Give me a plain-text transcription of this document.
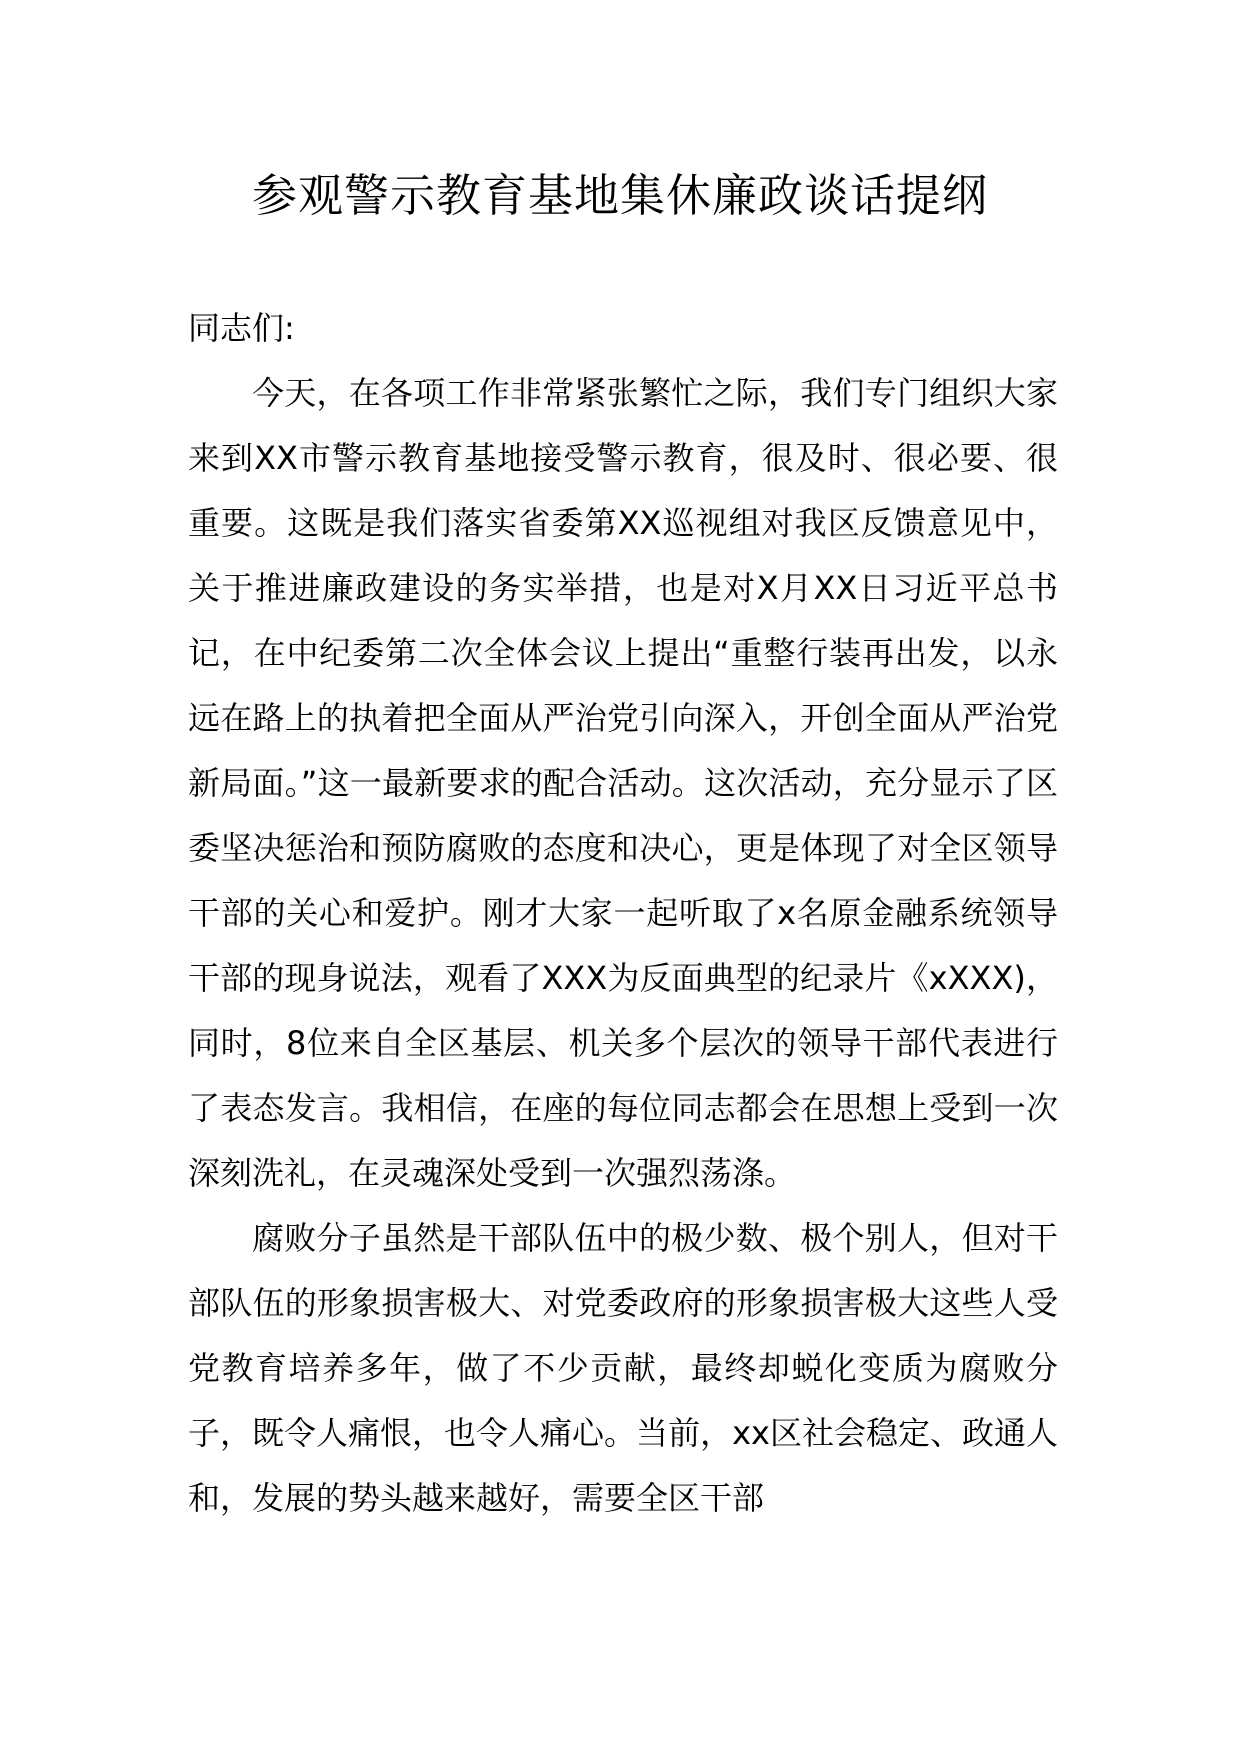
参观警示教育基地集休廉政谈话提纲

同志们:

今天，在各项工作非常紧张繁忙之际，我们专门组织大家来到XX市警示教育基地接受警示教育，很及时、很必要、很重要。这既是我们落实省委第XX巡视组对我区反馈意见中，关于推进廉政建设的务实举措，也是对X月XX日习近平总书记，在中纪委第二次全体会议上提出“重整行装再出发，以永远在路上的执着把全面从严治党引向深入，开创全面从严治党新局面。”这一最新要求的配合活动。这次活动，充分显示了区委坚决惩治和预防腐败的态度和决心，更是体现了对全区领导干部的关心和爱护。刚才大家一起听取了x名原金融系统领导干部的现身说法，观看了XXX为反面典型的纪录片《xXXX)，同时，8位来自全区基层、机关多个层次的领导干部代表进行了表态发言。我相信，在座的每位同志都会在思想上受到一次深刻洗礼，在灵魂深处受到一次强烈荡涤。

腐败分子虽然是干部队伍中的极少数、极个别人，但对干部队伍的形象损害极大、对党委政府的形象损害极大这些人受党教育培养多年，做了不少贡献，最终却蜕化变质为腐败分子，既令人痛恨，也令人痛心。当前，xx区社会稳定、政通人和，发展的势头越来越好，需要全区干部
